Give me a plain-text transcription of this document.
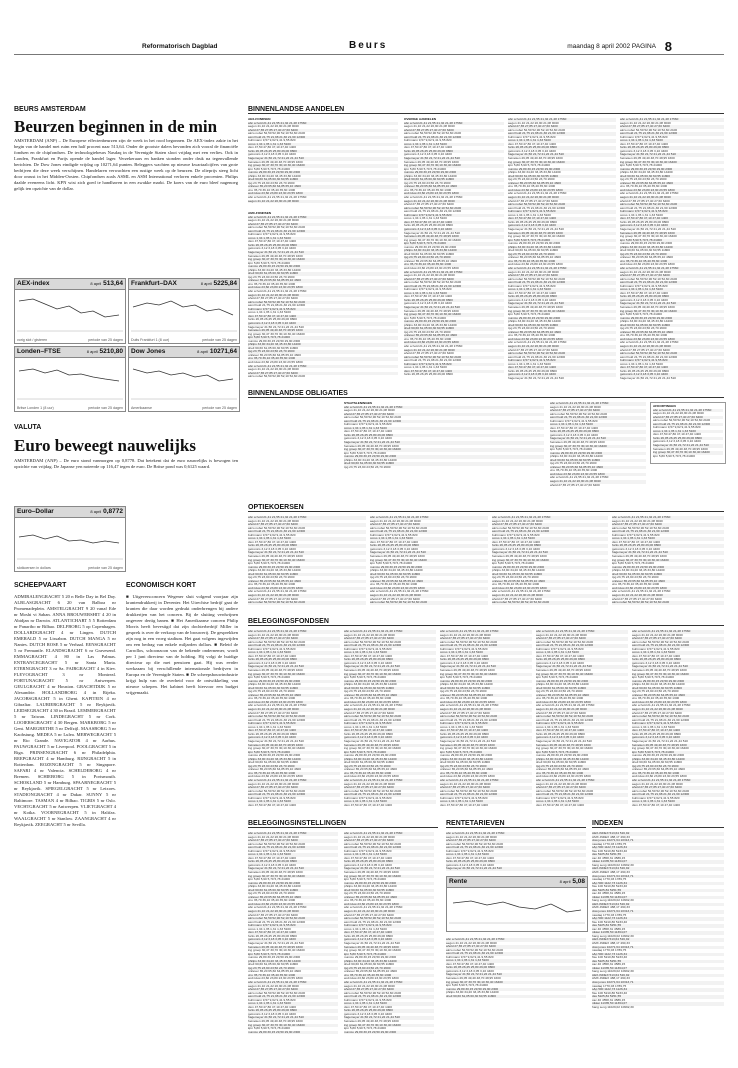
Reformatorisch Dagblad	Beurs	maandag 8 april 2002 PAGINA 8
BEURS AMSTERDAM
Beurzen beginnen in de min
AMSTERDAM (ANP) – De Europese effectenbeurzen zijn de week in het rood begonnen. De AEX-index zakte in het begin van de handel met ruim een half procent naar 513,64. Onder de grootste dalers bevonden zich vooral de financiële fondsen en de chipfondsen. De technologiebeurs Nasdaq in de Verenigde Staten sloot vrijdag met een verlies. Ook in Londen, Frankfurt en Parijs opende de handel lager. Verzekeraars en banken stonden onder druk na tegenvallende berichten. De Dow Jones eindigde vrijdag op 10271,64 punten. Beleggers wachten op nieuwe kwartaalcijfers van grote bedrijven die deze week verschijnen. Handelaren verwachten een rustige week op de beurzen. De olieprijs steeg licht door onrust in het Midden-Oosten. Chipfondsen zoals ASML en ASM International verloren enkele procenten. Philips daalde eveneens licht. KPN wist zich goed te handhaven in een zwakke markt. De koers van de euro bleef nagenoeg gelijk ten opzichte van de dollar.
AEX-index	8 april 513,64
vorig slot / gisteren	periode van 25 dagen
Frankfurt–DAX	8 april 5225,84
Duits Frankfurt 1 (8 uur)	periode van 25 dagen
Londen–FTSE	8 april 5210,80
Britse Londen 1 (8 uur)	periode van 25 dagen
Dow Jones	8 april 10271,64
Amerikaanse	periode van 25 dagen
VALUTA
Euro beweegt nauwelijks
AMSTERDAM (ANP) – De euro stond vanmorgen op 0,8778. Dat betekent dat de euro nauwelijks is bewogen ten opzichte van vrijdag. De Japanse yen noteerde op 116,47 tegen de euro. De Britse pond was 0,6125 waard.
Euro–Dollar	8 april 0,8772
slotkoersen in dollars	periode van 25 dagen
SCHEEPVAART
ADMIRALENGRACHT 5 20 n Belle Day in Bel Day. ALBLASGRACHT 6 20 van Balboa nr Promenadeplein. AMSTELGRACHT 9 20 vanaf Ede nr Moshi vi Saban. ANNA BROUWERSHIT 4 20 in Abidjan nr Darwin. ATLANTICHART 5 5 Rotterdam nr Panaribo nr Bilbao. DELFBORG 5 op Copenhagen. DOLLARDGRACHT 4 nr Lingen. DUTCH EMERALD 5 nr Lissabon. DUTCH MANGA 5 nr Nantes. DUTCH ROSE 5 nr Verhaal. EENSGRACHT 5 nr Fremantle. ELANDSGRACHT 6 nr Gravesend. EMMAGRACHT 4 80 in Las Palmas. ENTRANCEGRACHT 5 nr Santa Marta. ETERNGRACHT 3 nr Sa. FAIRGRACHT 4 in Kiev. FLEVOGRACHT 3 nr Montreal. FORTUNAGRACHT 5 nr Antwerpen. GEULGRACHT 4 nr Houston. GRACHTDIJK 5 nr Alexandrie. HOLLANDBORG 4 in Rijeka. JACOBSGRACHT 5 in Ghent. KAPITEIN 4 nr Gibraltar. LAURIERGRACHT 5 nr Reykjavik. LEIDSEGRACHT 4 30 in Brazil. LEMMERGRACHT 5 nr Taiwan. LINDEGRACHT 5 nr Cork. LOOIERSGRACHT 4 30 Bergen. MARKBORG 5 nr Gent. MARGRETHE 5 nr Delfzijl. MAASBORG 5 nr Kaohsiung. MEDEA 5 nr Lulea. MERWEGRACHT 5 nr Rio Grande. NAVIGATOR 4 nr Aarhus. PAUWGRACHT 5 nr Liverpool. POOLGRACHT 5 in Riga. PRINSENGRACHT 6 nr Philadelphia. REEPGRACHT 4 nr Hamburg. RIJNGRACHT 5 in Rotterdam. ROZENGRACHT 5 nr Singapore. SAFARI 4 nr Valencia. SCHELDEBORG 4 nr Bremen. SCHIEBORG 5 in Portsmouth. SCHOKLAND 5 nr Hamburg. SPAARNEGRACHT 5 nr Reykjavik. SPIEGELGRACHT 5 nr Leixoes. STADIONGRACHT 4 nr Dakar. SUNNY 5 nr Baltimore. TASMAN 4 nr Bilbao. TIGRIS 5 nr Oslo. VECHTGRACHT 5 nr Antwerpen. VLIETGRACHT 4 nr Kotka. VOORNEGRACHT 5 in Halifax. WAALGRACHT 5 nr Stanlow. ZAANGRACHT 4 nr Reykjavik. ZEEGRACHT 5 nr Sevilla.
ECONOMISCH KORT
■ Uitgeversconcern Wegener sluit volgend voorjaar zijn krantendrukkerij in Deventer. Het Utrechtse bedrijf gaat de kranten die daar worden gedrukt onderbrengen bij andere drukkerijen van het concern. Bij de sluiting verdwijnen ongeveer dertig banen. ■ Het Amerikaanse concern Philip Morris heeft bevestigd dat zijn dochterbedrijf Miller in gesprek is over de verkoop van de brouwerij. De gesprekken zijn nog in een vroeg stadium. Het gaat volgens ingewijden om een bedrag van enkele miljarden dollars. ■ Beleid de Carrollos, schoonzoon van de bekende ondernemer, wordt per 1 juni directeur van de holding. Hij volgt de huidige directeur op die met pensioen gaat. Hij was eerder werkzaam bij verschillende internationale bedrijven in Europa en de Verenigde Staten. ■ De scheepsbouwindustrie krijgt hulp van de overheid voor de ontwikkeling van nieuwe schepen. Het kabinet heeft hiervoor een budget vrijgemaakt.
BINNENLANDSE AANDELEN
AEX-FONDSEN
abn a hold 21,41 21,55 21,32 21,48 17560
aegon 21,10 21,22 20,90 21,08 9040
ahold 27,65 27,85 27,40 27,60 6400
akzo nobel 52,50 52,90 52,10 52,60 2100
asml hold 21,75 21,98 21,30 21,60 12300
buhrmann 9,57 9,62 9,41 9,55 820
corus 1,34 1,35 1,31 1,33 5100
dsm 47,50 47,80 47,10 47,40 1400
fortis 26,05 26,25 25,80 26,00 8800
getronics 3,12 3,18 3,05 3,10 4400
hagemeyer 21,50 21,72 21,22 21,44 510
heineken 49,05 49,40 48,70 48,95 1600
ing groep 30,47 30,70 30,10 30,40 16400
kpn 5,80 5,90 5,70 5,78 21000
numico 29,80 30,15 29,50 29,90 2300
philips 33,90 34,20 33,45 33,80 14200
shell 60,60 61,05 60,30 60,55 11800
tpg 23,75 23,90 23,50 23,70 2600
unilever 65,20 65,60 64,85 65,10 4600
vnu 35,70 36,10 35,40 35,60 1300
wolt kluw 23,60 23,80 23,30 23,55 1800
abn a hold 21,41 21,55 21,32 21,48 17560
aegon 21,10 21,22 20,90 21,08 9040
AMX-FONDSEN
abn a hold 21,41 21,55 21,32 21,48 17560
aegon 21,10 21,22 20,90 21,08 9040
ahold 27,65 27,85 27,40 27,60 6400
akzo nobel 52,50 52,90 52,10 52,60 2100
asml hold 21,75 21,98 21,30 21,60 12300
buhrmann 9,57 9,62 9,41 9,55 820
corus 1,34 1,35 1,31 1,33 5100
dsm 47,50 47,80 47,10 47,40 1400
fortis 26,05 26,25 25,80 26,00 8800
getronics 3,12 3,18 3,05 3,10 4400
hagemeyer 21,50 21,72 21,22 21,44 510
heineken 49,05 49,40 48,70 48,95 1600
ing groep 30,47 30,70 30,10 30,40 16400
kpn 5,80 5,90 5,70 5,78 21000
numico 29,80 30,15 29,50 29,90 2300
philips 33,90 34,20 33,45 33,80 14200
shell 60,60 61,05 60,30 60,55 11800
tpg 23,75 23,90 23,50 23,70 2600
unilever 65,20 65,60 64,85 65,10 4600
vnu 35,70 36,10 35,40 35,60 1300
wolt kluw 23,60 23,80 23,30 23,55 1800
abn a hold 21,41 21,55 21,32 21,48 17560
aegon 21,10 21,22 20,90 21,08 9040
ahold 27,65 27,85 27,40 27,60 6400
akzo nobel 52,50 52,90 52,10 52,60 2100
asml hold 21,75 21,98 21,30 21,60 12300
buhrmann 9,57 9,62 9,41 9,55 820
corus 1,34 1,35 1,31 1,33 5100
dsm 47,50 47,80 47,10 47,40 1400
fortis 26,05 26,25 25,80 26,00 8800
getronics 3,12 3,18 3,05 3,10 4400
hagemeyer 21,50 21,72 21,22 21,44 510
heineken 49,05 49,40 48,70 48,95 1600
ing groep 30,47 30,70 30,10 30,40 16400
kpn 5,80 5,90 5,70 5,78 21000
numico 29,80 30,15 29,50 29,90 2300
philips 33,90 34,20 33,45 33,80 14200
shell 60,60 61,05 60,30 60,55 11800
tpg 23,75 23,90 23,50 23,70 2600
unilever 65,20 65,60 64,85 65,10 4600
vnu 35,70 36,10 35,40 35,60 1300
wolt kluw 23,60 23,80 23,30 23,55 1800
abn a hold 21,41 21,55 21,32 21,48 17560
aegon 21,10 21,22 20,90 21,08 9040
ahold 27,65 27,85 27,40 27,60 6400
akzo nobel 52,50 52,90 52,10 52,60 2100
OVERIGE AANDELEN
abn a hold 21,41 21,55 21,32 21,48 17560
aegon 21,10 21,22 20,90 21,08 9040
ahold 27,65 27,85 27,40 27,60 6400
akzo nobel 52,50 52,90 52,10 52,60 2100
asml hold 21,75 21,98 21,30 21,60 12300
buhrmann 9,57 9,62 9,41 9,55 820
corus 1,34 1,35 1,31 1,33 5100
dsm 47,50 47,80 47,10 47,40 1400
fortis 26,05 26,25 25,80 26,00 8800
getronics 3,12 3,18 3,05 3,10 4400
hagemeyer 21,50 21,72 21,22 21,44 510
heineken 49,05 49,40 48,70 48,95 1600
ing groep 30,47 30,70 30,10 30,40 16400
kpn 5,80 5,90 5,70 5,78 21000
numico 29,80 30,15 29,50 29,90 2300
philips 33,90 34,20 33,45 33,80 14200
shell 60,60 61,05 60,30 60,55 11800
tpg 23,75 23,90 23,50 23,70 2600
unilever 65,20 65,60 64,85 65,10 4600
vnu 35,70 36,10 35,40 35,60 1300
wolt kluw 23,60 23,80 23,30 23,55 1800
abn a hold 21,41 21,55 21,32 21,48 17560
aegon 21,10 21,22 20,90 21,08 9040
ahold 27,65 27,85 27,40 27,60 6400
akzo nobel 52,50 52,90 52,10 52,60 2100
asml hold 21,75 21,98 21,30 21,60 12300
buhrmann 9,57 9,62 9,41 9,55 820
corus 1,34 1,35 1,31 1,33 5100
dsm 47,50 47,80 47,10 47,40 1400
fortis 26,05 26,25 25,80 26,00 8800
getronics 3,12 3,18 3,05 3,10 4400
hagemeyer 21,50 21,72 21,22 21,44 510
heineken 49,05 49,40 48,70 48,95 1600
ing groep 30,47 30,70 30,10 30,40 16400
kpn 5,80 5,90 5,70 5,78 21000
numico 29,80 30,15 29,50 29,90 2300
philips 33,90 34,20 33,45 33,80 14200
shell 60,60 61,05 60,30 60,55 11800
tpg 23,75 23,90 23,50 23,70 2600
unilever 65,20 65,60 64,85 65,10 4600
vnu 35,70 36,10 35,40 35,60 1300
wolt kluw 23,60 23,80 23,30 23,55 1800
abn a hold 21,41 21,55 21,32 21,48 17560
aegon 21,10 21,22 20,90 21,08 9040
ahold 27,65 27,85 27,40 27,60 6400
akzo nobel 52,50 52,90 52,10 52,60 2100
asml hold 21,75 21,98 21,30 21,60 12300
buhrmann 9,57 9,62 9,41 9,55 820
corus 1,34 1,35 1,31 1,33 5100
dsm 47,50 47,80 47,10 47,40 1400
fortis 26,05 26,25 25,80 26,00 8800
getronics 3,12 3,18 3,05 3,10 4400
hagemeyer 21,50 21,72 21,22 21,44 510
heineken 49,05 49,40 48,70 48,95 1600
ing groep 30,47 30,70 30,10 30,40 16400
kpn 5,80 5,90 5,70 5,78 21000
numico 29,80 30,15 29,50 29,90 2300
philips 33,90 34,20 33,45 33,80 14200
shell 60,60 61,05 60,30 60,55 11800
tpg 23,75 23,90 23,50 23,70 2600
unilever 65,20 65,60 64,85 65,10 4600
vnu 35,70 36,10 35,40 35,60 1300
wolt kluw 23,60 23,80 23,30 23,55 1800
abn a hold 21,41 21,55 21,32 21,48 17560
aegon 21,10 21,22 20,90 21,08 9040
ahold 27,65 27,85 27,40 27,60 6400
akzo nobel 52,50 52,90 52,10 52,60 2100
asml hold 21,75 21,98 21,30 21,60 12300
buhrmann 9,57 9,62 9,41 9,55 820
corus 1,34 1,35 1,31 1,33 5100
dsm 47,50 47,80 47,10 47,40 1400
fortis 26,05 26,25 25,80 26,00 8800
abn a hold 21,41 21,55 21,32 21,48 17560
aegon 21,10 21,22 20,90 21,08 9040
ahold 27,65 27,85 27,40 27,60 6400
akzo nobel 52,50 52,90 52,10 52,60 2100
asml hold 21,75 21,98 21,30 21,60 12300
buhrmann 9,57 9,62 9,41 9,55 820
corus 1,34 1,35 1,31 1,33 5100
dsm 47,50 47,80 47,10 47,40 1400
fortis 26,05 26,25 25,80 26,00 8800
getronics 3,12 3,18 3,05 3,10 4400
hagemeyer 21,50 21,72 21,22 21,44 510
heineken 49,05 49,40 48,70 48,95 1600
ing groep 30,47 30,70 30,10 30,40 16400
kpn 5,80 5,90 5,70 5,78 21000
numico 29,80 30,15 29,50 29,90 2300
philips 33,90 34,20 33,45 33,80 14200
shell 60,60 61,05 60,30 60,55 11800
tpg 23,75 23,90 23,50 23,70 2600
unilever 65,20 65,60 64,85 65,10 4600
vnu 35,70 36,10 35,40 35,60 1300
wolt kluw 23,60 23,80 23,30 23,55 1800
abn a hold 21,41 21,55 21,32 21,48 17560
aegon 21,10 21,22 20,90 21,08 9040
ahold 27,65 27,85 27,40 27,60 6400
akzo nobel 52,50 52,90 52,10 52,60 2100
asml hold 21,75 21,98 21,30 21,60 12300
buhrmann 9,57 9,62 9,41 9,55 820
corus 1,34 1,35 1,31 1,33 5100
dsm 47,50 47,80 47,10 47,40 1400
fortis 26,05 26,25 25,80 26,00 8800
getronics 3,12 3,18 3,05 3,10 4400
hagemeyer 21,50 21,72 21,22 21,44 510
heineken 49,05 49,40 48,70 48,95 1600
ing groep 30,47 30,70 30,10 30,40 16400
kpn 5,80 5,90 5,70 5,78 21000
numico 29,80 30,15 29,50 29,90 2300
philips 33,90 34,20 33,45 33,80 14200
shell 60,60 61,05 60,30 60,55 11800
tpg 23,75 23,90 23,50 23,70 2600
unilever 65,20 65,60 64,85 65,10 4600
vnu 35,70 36,10 35,40 35,60 1300
wolt kluw 23,60 23,80 23,30 23,55 1800
abn a hold 21,41 21,55 21,32 21,48 17560
aegon 21,10 21,22 20,90 21,08 9040
ahold 27,65 27,85 27,40 27,60 6400
akzo nobel 52,50 52,90 52,10 52,60 2100
asml hold 21,75 21,98 21,30 21,60 12300
buhrmann 9,57 9,62 9,41 9,55 820
corus 1,34 1,35 1,31 1,33 5100
dsm 47,50 47,80 47,10 47,40 1400
fortis 26,05 26,25 25,80 26,00 8800
getronics 3,12 3,18 3,05 3,10 4400
hagemeyer 21,50 21,72 21,22 21,44 510
heineken 49,05 49,40 48,70 48,95 1600
ing groep 30,47 30,70 30,10 30,40 16400
kpn 5,80 5,90 5,70 5,78 21000
numico 29,80 30,15 29,50 29,90 2300
philips 33,90 34,20 33,45 33,80 14200
shell 60,60 61,05 60,30 60,55 11800
tpg 23,75 23,90 23,50 23,70 2600
unilever 65,20 65,60 64,85 65,10 4600
vnu 35,70 36,10 35,40 35,60 1300
wolt kluw 23,60 23,80 23,30 23,55 1800
abn a hold 21,41 21,55 21,32 21,48 17560
aegon 21,10 21,22 20,90 21,08 9040
ahold 27,65 27,85 27,40 27,60 6400
akzo nobel 52,50 52,90 52,10 52,60 2100
asml hold 21,75 21,98 21,30 21,60 12300
buhrmann 9,57 9,62 9,41 9,55 820
corus 1,34 1,35 1,31 1,33 5100
dsm 47,50 47,80 47,10 47,40 1400
fortis 26,05 26,25 25,80 26,00 8800
getronics 3,12 3,18 3,05 3,10 4400
hagemeyer 21,50 21,72 21,22 21,44 510
abn a hold 21,41 21,55 21,32 21,48 17560
aegon 21,10 21,22 20,90 21,08 9040
ahold 27,65 27,85 27,40 27,60 6400
akzo nobel 52,50 52,90 52,10 52,60 2100
asml hold 21,75 21,98 21,30 21,60 12300
buhrmann 9,57 9,62 9,41 9,55 820
corus 1,34 1,35 1,31 1,33 5100
dsm 47,50 47,80 47,10 47,40 1400
fortis 26,05 26,25 25,80 26,00 8800
getronics 3,12 3,18 3,05 3,10 4400
hagemeyer 21,50 21,72 21,22 21,44 510
heineken 49,05 49,40 48,70 48,95 1600
ing groep 30,47 30,70 30,10 30,40 16400
kpn 5,80 5,90 5,70 5,78 21000
numico 29,80 30,15 29,50 29,90 2300
philips 33,90 34,20 33,45 33,80 14200
shell 60,60 61,05 60,30 60,55 11800
tpg 23,75 23,90 23,50 23,70 2600
unilever 65,20 65,60 64,85 65,10 4600
vnu 35,70 36,10 35,40 35,60 1300
wolt kluw 23,60 23,80 23,30 23,55 1800
abn a hold 21,41 21,55 21,32 21,48 17560
aegon 21,10 21,22 20,90 21,08 9040
ahold 27,65 27,85 27,40 27,60 6400
akzo nobel 52,50 52,90 52,10 52,60 2100
asml hold 21,75 21,98 21,30 21,60 12300
buhrmann 9,57 9,62 9,41 9,55 820
corus 1,34 1,35 1,31 1,33 5100
dsm 47,50 47,80 47,10 47,40 1400
fortis 26,05 26,25 25,80 26,00 8800
getronics 3,12 3,18 3,05 3,10 4400
hagemeyer 21,50 21,72 21,22 21,44 510
heineken 49,05 49,40 48,70 48,95 1600
ing groep 30,47 30,70 30,10 30,40 16400
kpn 5,80 5,90 5,70 5,78 21000
numico 29,80 30,15 29,50 29,90 2300
philips 33,90 34,20 33,45 33,80 14200
shell 60,60 61,05 60,30 60,55 11800
tpg 23,75 23,90 23,50 23,70 2600
unilever 65,20 65,60 64,85 65,10 4600
vnu 35,70 36,10 35,40 35,60 1300
wolt kluw 23,60 23,80 23,30 23,55 1800
abn a hold 21,41 21,55 21,32 21,48 17560
aegon 21,10 21,22 20,90 21,08 9040
ahold 27,65 27,85 27,40 27,60 6400
akzo nobel 52,50 52,90 52,10 52,60 2100
asml hold 21,75 21,98 21,30 21,60 12300
buhrmann 9,57 9,62 9,41 9,55 820
corus 1,34 1,35 1,31 1,33 5100
dsm 47,50 47,80 47,10 47,40 1400
fortis 26,05 26,25 25,80 26,00 8800
getronics 3,12 3,18 3,05 3,10 4400
hagemeyer 21,50 21,72 21,22 21,44 510
heineken 49,05 49,40 48,70 48,95 1600
ing groep 30,47 30,70 30,10 30,40 16400
kpn 5,80 5,90 5,70 5,78 21000
numico 29,80 30,15 29,50 29,90 2300
philips 33,90 34,20 33,45 33,80 14200
shell 60,60 61,05 60,30 60,55 11800
tpg 23,75 23,90 23,50 23,70 2600
unilever 65,20 65,60 64,85 65,10 4600
vnu 35,70 36,10 35,40 35,60 1300
wolt kluw 23,60 23,80 23,30 23,55 1800
abn a hold 21,41 21,55 21,32 21,48 17560
aegon 21,10 21,22 20,90 21,08 9040
ahold 27,65 27,85 27,40 27,60 6400
akzo nobel 52,50 52,90 52,10 52,60 2100
asml hold 21,75 21,98 21,30 21,60 12300
buhrmann 9,57 9,62 9,41 9,55 820
corus 1,34 1,35 1,31 1,33 5100
dsm 47,50 47,80 47,10 47,40 1400
fortis 26,05 26,25 25,80 26,00 8800
getronics 3,12 3,18 3,05 3,10 4400
hagemeyer 21,50 21,72 21,22 21,44 510
BINNENLANDSE OBLIGATIES
STAATSLENINGEN
abn a hold 21,41 21,55 21,32 21,48 17560
aegon 21,10 21,22 20,90 21,08 9040
ahold 27,65 27,85 27,40 27,60 6400
akzo nobel 52,50 52,90 52,10 52,60 2100
asml hold 21,75 21,98 21,30 21,60 12300
buhrmann 9,57 9,62 9,41 9,55 820
corus 1,34 1,35 1,31 1,33 5100
dsm 47,50 47,80 47,10 47,40 1400
fortis 26,05 26,25 25,80 26,00 8800
getronics 3,12 3,18 3,05 3,10 4400
hagemeyer 21,50 21,72 21,22 21,44 510
heineken 49,05 49,40 48,70 48,95 1600
ing groep 30,47 30,70 30,10 30,40 16400
kpn 5,80 5,90 5,70 5,78 21000
numico 29,80 30,15 29,50 29,90 2300
philips 33,90 34,20 33,45 33,80 14200
shell 60,60 61,05 60,30 60,55 11800
tpg 23,75 23,90 23,50 23,70 2600
abn a hold 21,41 21,55 21,32 21,48 17560
aegon 21,10 21,22 20,90 21,08 9040
ahold 27,65 27,85 27,40 27,60 6400
akzo nobel 52,50 52,90 52,10 52,60 2100
asml hold 21,75 21,98 21,30 21,60 12300
buhrmann 9,57 9,62 9,41 9,55 820
corus 1,34 1,35 1,31 1,33 5100
dsm 47,50 47,80 47,10 47,40 1400
fortis 26,05 26,25 25,80 26,00 8800
getronics 3,12 3,18 3,05 3,10 4400
hagemeyer 21,50 21,72 21,22 21,44 510
heineken 49,05 49,40 48,70 48,95 1600
ing groep 30,47 30,70 30,10 30,40 16400
kpn 5,80 5,90 5,70 5,78 21000
numico 29,80 30,15 29,50 29,90 2300
philips 33,90 34,20 33,45 33,80 14200
shell 60,60 61,05 60,30 60,55 11800
tpg 23,75 23,90 23,50 23,70 2600
unilever 65,20 65,60 64,85 65,10 4600
vnu 35,70 36,10 35,40 35,60 1300
wolt kluw 23,60 23,80 23,30 23,55 1800
abn a hold 21,41 21,55 21,32 21,48 17560
aegon 21,10 21,22 20,90 21,08 9040
ahold 27,65 27,85 27,40 27,60 6400
AFKORTINGEN
abn a hold 21,41 21,55 21,32 21,48 17560
aegon 21,10 21,22 20,90 21,08 9040
ahold 27,65 27,85 27,40 27,60 6400
akzo nobel 52,50 52,90 52,10 52,60 2100
asml hold 21,75 21,98 21,30 21,60 12300
buhrmann 9,57 9,62 9,41 9,55 820
corus 1,34 1,35 1,31 1,33 5100
dsm 47,50 47,80 47,10 47,40 1400
fortis 26,05 26,25 25,80 26,00 8800
getronics 3,12 3,18 3,05 3,10 4400
hagemeyer 21,50 21,72 21,22 21,44 510
heineken 49,05 49,40 48,70 48,95 1600
ing groep 30,47 30,70 30,10 30,40 16400
kpn 5,80 5,90 5,70 5,78 21000
OPTIEKOERSEN
abn a hold 21,41 21,55 21,32 21,48 17560
aegon 21,10 21,22 20,90 21,08 9040
ahold 27,65 27,85 27,40 27,60 6400
akzo nobel 52,50 52,90 52,10 52,60 2100
asml hold 21,75 21,98 21,30 21,60 12300
buhrmann 9,57 9,62 9,41 9,55 820
corus 1,34 1,35 1,31 1,33 5100
dsm 47,50 47,80 47,10 47,40 1400
fortis 26,05 26,25 25,80 26,00 8800
getronics 3,12 3,18 3,05 3,10 4400
hagemeyer 21,50 21,72 21,22 21,44 510
heineken 49,05 49,40 48,70 48,95 1600
ing groep 30,47 30,70 30,10 30,40 16400
kpn 5,80 5,90 5,70 5,78 21000
numico 29,80 30,15 29,50 29,90 2300
philips 33,90 34,20 33,45 33,80 14200
shell 60,60 61,05 60,30 60,55 11800
tpg 23,75 23,90 23,50 23,70 2600
unilever 65,20 65,60 64,85 65,10 4600
vnu 35,70 36,10 35,40 35,60 1300
wolt kluw 23,60 23,80 23,30 23,55 1800
abn a hold 21,41 21,55 21,32 21,48 17560
aegon 21,10 21,22 20,90 21,08 9040
ahold 27,65 27,85 27,40 27,60 6400
akzo nobel 52,50 52,90 52,10 52,60 2100
abn a hold 21,41 21,55 21,32 21,48 17560
aegon 21,10 21,22 20,90 21,08 9040
ahold 27,65 27,85 27,40 27,60 6400
akzo nobel 52,50 52,90 52,10 52,60 2100
asml hold 21,75 21,98 21,30 21,60 12300
buhrmann 9,57 9,62 9,41 9,55 820
corus 1,34 1,35 1,31 1,33 5100
dsm 47,50 47,80 47,10 47,40 1400
fortis 26,05 26,25 25,80 26,00 8800
getronics 3,12 3,18 3,05 3,10 4400
hagemeyer 21,50 21,72 21,22 21,44 510
heineken 49,05 49,40 48,70 48,95 1600
ing groep 30,47 30,70 30,10 30,40 16400
kpn 5,80 5,90 5,70 5,78 21000
numico 29,80 30,15 29,50 29,90 2300
philips 33,90 34,20 33,45 33,80 14200
shell 60,60 61,05 60,30 60,55 11800
tpg 23,75 23,90 23,50 23,70 2600
unilever 65,20 65,60 64,85 65,10 4600
vnu 35,70 36,10 35,40 35,60 1300
wolt kluw 23,60 23,80 23,30 23,55 1800
abn a hold 21,41 21,55 21,32 21,48 17560
aegon 21,10 21,22 20,90 21,08 9040
ahold 27,65 27,85 27,40 27,60 6400
akzo nobel 52,50 52,90 52,10 52,60 2100
abn a hold 21,41 21,55 21,32 21,48 17560
aegon 21,10 21,22 20,90 21,08 9040
ahold 27,65 27,85 27,40 27,60 6400
akzo nobel 52,50 52,90 52,10 52,60 2100
asml hold 21,75 21,98 21,30 21,60 12300
buhrmann 9,57 9,62 9,41 9,55 820
corus 1,34 1,35 1,31 1,33 5100
dsm 47,50 47,80 47,10 47,40 1400
fortis 26,05 26,25 25,80 26,00 8800
getronics 3,12 3,18 3,05 3,10 4400
hagemeyer 21,50 21,72 21,22 21,44 510
heineken 49,05 49,40 48,70 48,95 1600
ing groep 30,47 30,70 30,10 30,40 16400
kpn 5,80 5,90 5,70 5,78 21000
numico 29,80 30,15 29,50 29,90 2300
philips 33,90 34,20 33,45 33,80 14200
shell 60,60 61,05 60,30 60,55 11800
tpg 23,75 23,90 23,50 23,70 2600
unilever 65,20 65,60 64,85 65,10 4600
vnu 35,70 36,10 35,40 35,60 1300
wolt kluw 23,60 23,80 23,30 23,55 1800
abn a hold 21,41 21,55 21,32 21,48 17560
aegon 21,10 21,22 20,90 21,08 9040
ahold 27,65 27,85 27,40 27,60 6400
akzo nobel 52,50 52,90 52,10 52,60 2100
abn a hold 21,41 21,55 21,32 21,48 17560
aegon 21,10 21,22 20,90 21,08 9040
ahold 27,65 27,85 27,40 27,60 6400
akzo nobel 52,50 52,90 52,10 52,60 2100
asml hold 21,75 21,98 21,30 21,60 12300
buhrmann 9,57 9,62 9,41 9,55 820
corus 1,34 1,35 1,31 1,33 5100
dsm 47,50 47,80 47,10 47,40 1400
fortis 26,05 26,25 25,80 26,00 8800
getronics 3,12 3,18 3,05 3,10 4400
hagemeyer 21,50 21,72 21,22 21,44 510
heineken 49,05 49,40 48,70 48,95 1600
ing groep 30,47 30,70 30,10 30,40 16400
kpn 5,80 5,90 5,70 5,78 21000
numico 29,80 30,15 29,50 29,90 2300
philips 33,90 34,20 33,45 33,80 14200
shell 60,60 61,05 60,30 60,55 11800
tpg 23,75 23,90 23,50 23,70 2600
unilever 65,20 65,60 64,85 65,10 4600
vnu 35,70 36,10 35,40 35,60 1300
wolt kluw 23,60 23,80 23,30 23,55 1800
abn a hold 21,41 21,55 21,32 21,48 17560
aegon 21,10 21,22 20,90 21,08 9040
ahold 27,65 27,85 27,40 27,60 6400
akzo nobel 52,50 52,90 52,10 52,60 2100
BELEGGINGSFONDSEN
abn a hold 21,41 21,55 21,32 21,48 17560
aegon 21,10 21,22 20,90 21,08 9040
ahold 27,65 27,85 27,40 27,60 6400
akzo nobel 52,50 52,90 52,10 52,60 2100
asml hold 21,75 21,98 21,30 21,60 12300
buhrmann 9,57 9,62 9,41 9,55 820
corus 1,34 1,35 1,31 1,33 5100
dsm 47,50 47,80 47,10 47,40 1400
fortis 26,05 26,25 25,80 26,00 8800
getronics 3,12 3,18 3,05 3,10 4400
hagemeyer 21,50 21,72 21,22 21,44 510
heineken 49,05 49,40 48,70 48,95 1600
ing groep 30,47 30,70 30,10 30,40 16400
kpn 5,80 5,90 5,70 5,78 21000
numico 29,80 30,15 29,50 29,90 2300
philips 33,90 34,20 33,45 33,80 14200
shell 60,60 61,05 60,30 60,55 11800
tpg 23,75 23,90 23,50 23,70 2600
unilever 65,20 65,60 64,85 65,10 4600
vnu 35,70 36,10 35,40 35,60 1300
wolt kluw 23,60 23,80 23,30 23,55 1800
abn a hold 21,41 21,55 21,32 21,48 17560
aegon 21,10 21,22 20,90 21,08 9040
ahold 27,65 27,85 27,40 27,60 6400
akzo nobel 52,50 52,90 52,10 52,60 2100
asml hold 21,75 21,98 21,30 21,60 12300
buhrmann 9,57 9,62 9,41 9,55 820
corus 1,34 1,35 1,31 1,33 5100
dsm 47,50 47,80 47,10 47,40 1400
fortis 26,05 26,25 25,80 26,00 8800
getronics 3,12 3,18 3,05 3,10 4400
hagemeyer 21,50 21,72 21,22 21,44 510
heineken 49,05 49,40 48,70 48,95 1600
ing groep 30,47 30,70 30,10 30,40 16400
kpn 5,80 5,90 5,70 5,78 21000
numico 29,80 30,15 29,50 29,90 2300
philips 33,90 34,20 33,45 33,80 14200
shell 60,60 61,05 60,30 60,55 11800
tpg 23,75 23,90 23,50 23,70 2600
unilever 65,20 65,60 64,85 65,10 4600
vnu 35,70 36,10 35,40 35,60 1300
wolt kluw 23,60 23,80 23,30 23,55 1800
abn a hold 21,41 21,55 21,32 21,48 17560
aegon 21,10 21,22 20,90 21,08 9040
ahold 27,65 27,85 27,40 27,60 6400
akzo nobel 52,50 52,90 52,10 52,60 2100
asml hold 21,75 21,98 21,30 21,60 12300
buhrmann 9,57 9,62 9,41 9,55 820
corus 1,34 1,35 1,31 1,33 5100
dsm 47,50 47,80 47,10 47,40 1400
abn a hold 21,41 21,55 21,32 21,48 17560
aegon 21,10 21,22 20,90 21,08 9040
ahold 27,65 27,85 27,40 27,60 6400
akzo nobel 52,50 52,90 52,10 52,60 2100
asml hold 21,75 21,98 21,30 21,60 12300
buhrmann 9,57 9,62 9,41 9,55 820
corus 1,34 1,35 1,31 1,33 5100
dsm 47,50 47,80 47,10 47,40 1400
fortis 26,05 26,25 25,80 26,00 8800
getronics 3,12 3,18 3,05 3,10 4400
hagemeyer 21,50 21,72 21,22 21,44 510
heineken 49,05 49,40 48,70 48,95 1600
ing groep 30,47 30,70 30,10 30,40 16400
kpn 5,80 5,90 5,70 5,78 21000
numico 29,80 30,15 29,50 29,90 2300
philips 33,90 34,20 33,45 33,80 14200
shell 60,60 61,05 60,30 60,55 11800
tpg 23,75 23,90 23,50 23,70 2600
unilever 65,20 65,60 64,85 65,10 4600
vnu 35,70 36,10 35,40 35,60 1300
wolt kluw 23,60 23,80 23,30 23,55 1800
abn a hold 21,41 21,55 21,32 21,48 17560
aegon 21,10 21,22 20,90 21,08 9040
ahold 27,65 27,85 27,40 27,60 6400
akzo nobel 52,50 52,90 52,10 52,60 2100
asml hold 21,75 21,98 21,30 21,60 12300
buhrmann 9,57 9,62 9,41 9,55 820
corus 1,34 1,35 1,31 1,33 5100
dsm 47,50 47,80 47,10 47,40 1400
fortis 26,05 26,25 25,80 26,00 8800
getronics 3,12 3,18 3,05 3,10 4400
hagemeyer 21,50 21,72 21,22 21,44 510
heineken 49,05 49,40 48,70 48,95 1600
ing groep 30,47 30,70 30,10 30,40 16400
kpn 5,80 5,90 5,70 5,78 21000
numico 29,80 30,15 29,50 29,90 2300
philips 33,90 34,20 33,45 33,80 14200
shell 60,60 61,05 60,30 60,55 11800
tpg 23,75 23,90 23,50 23,70 2600
unilever 65,20 65,60 64,85 65,10 4600
vnu 35,70 36,10 35,40 35,60 1300
wolt kluw 23,60 23,80 23,30 23,55 1800
abn a hold 21,41 21,55 21,32 21,48 17560
aegon 21,10 21,22 20,90 21,08 9040
ahold 27,65 27,85 27,40 27,60 6400
akzo nobel 52,50 52,90 52,10 52,60 2100
asml hold 21,75 21,98 21,30 21,60 12300
buhrmann 9,57 9,62 9,41 9,55 820
corus 1,34 1,35 1,31 1,33 5100
dsm 47,50 47,80 47,10 47,40 1400
abn a hold 21,41 21,55 21,32 21,48 17560
aegon 21,10 21,22 20,90 21,08 9040
ahold 27,65 27,85 27,40 27,60 6400
akzo nobel 52,50 52,90 52,10 52,60 2100
asml hold 21,75 21,98 21,30 21,60 12300
buhrmann 9,57 9,62 9,41 9,55 820
corus 1,34 1,35 1,31 1,33 5100
dsm 47,50 47,80 47,10 47,40 1400
fortis 26,05 26,25 25,80 26,00 8800
getronics 3,12 3,18 3,05 3,10 4400
hagemeyer 21,50 21,72 21,22 21,44 510
heineken 49,05 49,40 48,70 48,95 1600
ing groep 30,47 30,70 30,10 30,40 16400
kpn 5,80 5,90 5,70 5,78 21000
numico 29,80 30,15 29,50 29,90 2300
philips 33,90 34,20 33,45 33,80 14200
shell 60,60 61,05 60,30 60,55 11800
tpg 23,75 23,90 23,50 23,70 2600
unilever 65,20 65,60 64,85 65,10 4600
vnu 35,70 36,10 35,40 35,60 1300
wolt kluw 23,60 23,80 23,30 23,55 1800
abn a hold 21,41 21,55 21,32 21,48 17560
aegon 21,10 21,22 20,90 21,08 9040
ahold 27,65 27,85 27,40 27,60 6400
akzo nobel 52,50 52,90 52,10 52,60 2100
asml hold 21,75 21,98 21,30 21,60 12300
buhrmann 9,57 9,62 9,41 9,55 820
corus 1,34 1,35 1,31 1,33 5100
dsm 47,50 47,80 47,10 47,40 1400
fortis 26,05 26,25 25,80 26,00 8800
getronics 3,12 3,18 3,05 3,10 4400
hagemeyer 21,50 21,72 21,22 21,44 510
heineken 49,05 49,40 48,70 48,95 1600
ing groep 30,47 30,70 30,10 30,40 16400
kpn 5,80 5,90 5,70 5,78 21000
numico 29,80 30,15 29,50 29,90 2300
philips 33,90 34,20 33,45 33,80 14200
shell 60,60 61,05 60,30 60,55 11800
tpg 23,75 23,90 23,50 23,70 2600
unilever 65,20 65,60 64,85 65,10 4600
vnu 35,70 36,10 35,40 35,60 1300
wolt kluw 23,60 23,80 23,30 23,55 1800
abn a hold 21,41 21,55 21,32 21,48 17560
aegon 21,10 21,22 20,90 21,08 9040
ahold 27,65 27,85 27,40 27,60 6400
akzo nobel 52,50 52,90 52,10 52,60 2100
asml hold 21,75 21,98 21,30 21,60 12300
buhrmann 9,57 9,62 9,41 9,55 820
corus 1,34 1,35 1,31 1,33 5100
dsm 47,50 47,80 47,10 47,40 1400
abn a hold 21,41 21,55 21,32 21,48 17560
aegon 21,10 21,22 20,90 21,08 9040
ahold 27,65 27,85 27,40 27,60 6400
akzo nobel 52,50 52,90 52,10 52,60 2100
asml hold 21,75 21,98 21,30 21,60 12300
buhrmann 9,57 9,62 9,41 9,55 820
corus 1,34 1,35 1,31 1,33 5100
dsm 47,50 47,80 47,10 47,40 1400
fortis 26,05 26,25 25,80 26,00 8800
getronics 3,12 3,18 3,05 3,10 4400
hagemeyer 21,50 21,72 21,22 21,44 510
heineken 49,05 49,40 48,70 48,95 1600
ing groep 30,47 30,70 30,10 30,40 16400
kpn 5,80 5,90 5,70 5,78 21000
numico 29,80 30,15 29,50 29,90 2300
philips 33,90 34,20 33,45 33,80 14200
shell 60,60 61,05 60,30 60,55 11800
tpg 23,75 23,90 23,50 23,70 2600
unilever 65,20 65,60 64,85 65,10 4600
vnu 35,70 36,10 35,40 35,60 1300
wolt kluw 23,60 23,80 23,30 23,55 1800
abn a hold 21,41 21,55 21,32 21,48 17560
aegon 21,10 21,22 20,90 21,08 9040
ahold 27,65 27,85 27,40 27,60 6400
akzo nobel 52,50 52,90 52,10 52,60 2100
asml hold 21,75 21,98 21,30 21,60 12300
buhrmann 9,57 9,62 9,41 9,55 820
corus 1,34 1,35 1,31 1,33 5100
dsm 47,50 47,80 47,10 47,40 1400
fortis 26,05 26,25 25,80 26,00 8800
getronics 3,12 3,18 3,05 3,10 4400
hagemeyer 21,50 21,72 21,22 21,44 510
heineken 49,05 49,40 48,70 48,95 1600
ing groep 30,47 30,70 30,10 30,40 16400
kpn 5,80 5,90 5,70 5,78 21000
numico 29,80 30,15 29,50 29,90 2300
philips 33,90 34,20 33,45 33,80 14200
shell 60,60 61,05 60,30 60,55 11800
tpg 23,75 23,90 23,50 23,70 2600
unilever 65,20 65,60 64,85 65,10 4600
vnu 35,70 36,10 35,40 35,60 1300
wolt kluw 23,60 23,80 23,30 23,55 1800
abn a hold 21,41 21,55 21,32 21,48 17560
aegon 21,10 21,22 20,90 21,08 9040
ahold 27,65 27,85 27,40 27,60 6400
akzo nobel 52,50 52,90 52,10 52,60 2100
asml hold 21,75 21,98 21,30 21,60 12300
buhrmann 9,57 9,62 9,41 9,55 820
corus 1,34 1,35 1,31 1,33 5100
dsm 47,50 47,80 47,10 47,40 1400
abn a hold 21,41 21,55 21,32 21,48 17560
aegon 21,10 21,22 20,90 21,08 9040
ahold 27,65 27,85 27,40 27,60 6400
akzo nobel 52,50 52,90 52,10 52,60 2100
asml hold 21,75 21,98 21,30 21,60 12300
buhrmann 9,57 9,62 9,41 9,55 820
corus 1,34 1,35 1,31 1,33 5100
dsm 47,50 47,80 47,10 47,40 1400
fortis 26,05 26,25 25,80 26,00 8800
getronics 3,12 3,18 3,05 3,10 4400
hagemeyer 21,50 21,72 21,22 21,44 510
heineken 49,05 49,40 48,70 48,95 1600
ing groep 30,47 30,70 30,10 30,40 16400
kpn 5,80 5,90 5,70 5,78 21000
numico 29,80 30,15 29,50 29,90 2300
philips 33,90 34,20 33,45 33,80 14200
shell 60,60 61,05 60,30 60,55 11800
tpg 23,75 23,90 23,50 23,70 2600
unilever 65,20 65,60 64,85 65,10 4600
vnu 35,70 36,10 35,40 35,60 1300
wolt kluw 23,60 23,80 23,30 23,55 1800
abn a hold 21,41 21,55 21,32 21,48 17560
aegon 21,10 21,22 20,90 21,08 9040
ahold 27,65 27,85 27,40 27,60 6400
akzo nobel 52,50 52,90 52,10 52,60 2100
asml hold 21,75 21,98 21,30 21,60 12300
buhrmann 9,57 9,62 9,41 9,55 820
corus 1,34 1,35 1,31 1,33 5100
dsm 47,50 47,80 47,10 47,40 1400
fortis 26,05 26,25 25,80 26,00 8800
getronics 3,12 3,18 3,05 3,10 4400
hagemeyer 21,50 21,72 21,22 21,44 510
heineken 49,05 49,40 48,70 48,95 1600
ing groep 30,47 30,70 30,10 30,40 16400
kpn 5,80 5,90 5,70 5,78 21000
numico 29,80 30,15 29,50 29,90 2300
philips 33,90 34,20 33,45 33,80 14200
shell 60,60 61,05 60,30 60,55 11800
tpg 23,75 23,90 23,50 23,70 2600
unilever 65,20 65,60 64,85 65,10 4600
vnu 35,70 36,10 35,40 35,60 1300
wolt kluw 23,60 23,80 23,30 23,55 1800
abn a hold 21,41 21,55 21,32 21,48 17560
aegon 21,10 21,22 20,90 21,08 9040
ahold 27,65 27,85 27,40 27,60 6400
akzo nobel 52,50 52,90 52,10 52,60 2100
asml hold 21,75 21,98 21,30 21,60 12300
buhrmann 9,57 9,62 9,41 9,55 820
corus 1,34 1,35 1,31 1,33 5100
dsm 47,50 47,80 47,10 47,40 1400
BELEGGINGSINSTELLINGEN
abn a hold 21,41 21,55 21,32 21,48 17560
aegon 21,10 21,22 20,90 21,08 9040
ahold 27,65 27,85 27,40 27,60 6400
akzo nobel 52,50 52,90 52,10 52,60 2100
asml hold 21,75 21,98 21,30 21,60 12300
buhrmann 9,57 9,62 9,41 9,55 820
corus 1,34 1,35 1,31 1,33 5100
dsm 47,50 47,80 47,10 47,40 1400
fortis 26,05 26,25 25,80 26,00 8800
getronics 3,12 3,18 3,05 3,10 4400
hagemeyer 21,50 21,72 21,22 21,44 510
heineken 49,05 49,40 48,70 48,95 1600
ing groep 30,47 30,70 30,10 30,40 16400
kpn 5,80 5,90 5,70 5,78 21000
numico 29,80 30,15 29,50 29,90 2300
philips 33,90 34,20 33,45 33,80 14200
shell 60,60 61,05 60,30 60,55 11800
tpg 23,75 23,90 23,50 23,70 2600
unilever 65,20 65,60 64,85 65,10 4600
vnu 35,70 36,10 35,40 35,60 1300
wolt kluw 23,60 23,80 23,30 23,55 1800
abn a hold 21,41 21,55 21,32 21,48 17560
aegon 21,10 21,22 20,90 21,08 9040
ahold 27,65 27,85 27,40 27,60 6400
akzo nobel 52,50 52,90 52,10 52,60 2100
asml hold 21,75 21,98 21,30 21,60 12300
buhrmann 9,57 9,62 9,41 9,55 820
corus 1,34 1,35 1,31 1,33 5100
dsm 47,50 47,80 47,10 47,40 1400
fortis 26,05 26,25 25,80 26,00 8800
getronics 3,12 3,18 3,05 3,10 4400
hagemeyer 21,50 21,72 21,22 21,44 510
heineken 49,05 49,40 48,70 48,95 1600
ing groep 30,47 30,70 30,10 30,40 16400
kpn 5,80 5,90 5,70 5,78 21000
numico 29,80 30,15 29,50 29,90 2300
philips 33,90 34,20 33,45 33,80 14200
shell 60,60 61,05 60,30 60,55 11800
tpg 23,75 23,90 23,50 23,70 2600
unilever 65,20 65,60 64,85 65,10 4600
vnu 35,70 36,10 35,40 35,60 1300
wolt kluw 23,60 23,80 23,30 23,55 1800
abn a hold 21,41 21,55 21,32 21,48 17560
aegon 21,10 21,22 20,90 21,08 9040
ahold 27,65 27,85 27,40 27,60 6400
akzo nobel 52,50 52,90 52,10 52,60 2100
asml hold 21,75 21,98 21,30 21,60 12300
buhrmann 9,57 9,62 9,41 9,55 820
corus 1,34 1,35 1,31 1,33 5100
dsm 47,50 47,80 47,10 47,40 1400
fortis 26,05 26,25 25,80 26,00 8800
getronics 3,12 3,18 3,05 3,10 4400
hagemeyer 21,50 21,72 21,22 21,44 510
heineken 49,05 49,40 48,70 48,95 1600
ing groep 30,47 30,70 30,10 30,40 16400
kpn 5,80 5,90 5,70 5,78 21000
numico 29,80 30,15 29,50 29,90 2300
abn a hold 21,41 21,55 21,32 21,48 17560
aegon 21,10 21,22 20,90 21,08 9040
ahold 27,65 27,85 27,40 27,60 6400
akzo nobel 52,50 52,90 52,10 52,60 2100
asml hold 21,75 21,98 21,30 21,60 12300
buhrmann 9,57 9,62 9,41 9,55 820
corus 1,34 1,35 1,31 1,33 5100
dsm 47,50 47,80 47,10 47,40 1400
fortis 26,05 26,25 25,80 26,00 8800
getronics 3,12 3,18 3,05 3,10 4400
hagemeyer 21,50 21,72 21,22 21,44 510
heineken 49,05 49,40 48,70 48,95 1600
ing groep 30,47 30,70 30,10 30,40 16400
kpn 5,80 5,90 5,70 5,78 21000
numico 29,80 30,15 29,50 29,90 2300
philips 33,90 34,20 33,45 33,80 14200
shell 60,60 61,05 60,30 60,55 11800
tpg 23,75 23,90 23,50 23,70 2600
unilever 65,20 65,60 64,85 65,10 4600
vnu 35,70 36,10 35,40 35,60 1300
wolt kluw 23,60 23,80 23,30 23,55 1800
abn a hold 21,41 21,55 21,32 21,48 17560
aegon 21,10 21,22 20,90 21,08 9040
ahold 27,65 27,85 27,40 27,60 6400
akzo nobel 52,50 52,90 52,10 52,60 2100
asml hold 21,75 21,98 21,30 21,60 12300
buhrmann 9,57 9,62 9,41 9,55 820
corus 1,34 1,35 1,31 1,33 5100
dsm 47,50 47,80 47,10 47,40 1400
fortis 26,05 26,25 25,80 26,00 8800
getronics 3,12 3,18 3,05 3,10 4400
hagemeyer 21,50 21,72 21,22 21,44 510
heineken 49,05 49,40 48,70 48,95 1600
ing groep 30,47 30,70 30,10 30,40 16400
kpn 5,80 5,90 5,70 5,78 21000
numico 29,80 30,15 29,50 29,90 2300
philips 33,90 34,20 33,45 33,80 14200
shell 60,60 61,05 60,30 60,55 11800
tpg 23,75 23,90 23,50 23,70 2600
unilever 65,20 65,60 64,85 65,10 4600
vnu 35,70 36,10 35,40 35,60 1300
wolt kluw 23,60 23,80 23,30 23,55 1800
abn a hold 21,41 21,55 21,32 21,48 17560
aegon 21,10 21,22 20,90 21,08 9040
ahold 27,65 27,85 27,40 27,60 6400
akzo nobel 52,50 52,90 52,10 52,60 2100
asml hold 21,75 21,98 21,30 21,60 12300
buhrmann 9,57 9,62 9,41 9,55 820
corus 1,34 1,35 1,31 1,33 5100
dsm 47,50 47,80 47,10 47,40 1400
fortis 26,05 26,25 25,80 26,00 8800
getronics 3,12 3,18 3,05 3,10 4400
hagemeyer 21,50 21,72 21,22 21,44 510
heineken 49,05 49,40 48,70 48,95 1600
ing groep 30,47 30,70 30,10 30,40 16400
kpn 5,80 5,90 5,70 5,78 21000
numico 29,80 30,15 29,50 29,90 2300
RENTETARIEVEN
abn a hold 21,41 21,55 21,32 21,48 17560
aegon 21,10 21,22 20,90 21,08 9040
ahold 27,65 27,85 27,40 27,60 6400
akzo nobel 52,50 52,90 52,10 52,60 2100
asml hold 21,75 21,98 21,30 21,60 12300
buhrmann 9,57 9,62 9,41 9,55 820
corus 1,34 1,35 1,31 1,33 5100
dsm 47,50 47,80 47,10 47,40 1400
fortis 26,05 26,25 25,80 26,00 8800
getronics 3,12 3,18 3,05 3,10 4400
hagemeyer 21,50 21,72 21,22 21,44 510
Rente	8 april 5,08
abn a hold 21,41 21,55 21,32 21,48 17560
aegon 21,10 21,22 20,90 21,08 9040
ahold 27,65 27,85 27,40 27,60 6400
akzo nobel 52,50 52,90 52,10 52,60 2100
asml hold 21,75 21,98 21,30 21,60 12300
buhrmann 9,57 9,62 9,41 9,55 820
corus 1,34 1,35 1,31 1,33 5100
dsm 47,50 47,80 47,10 47,40 1400
fortis 26,05 26,25 25,80 26,00 8800
getronics 3,12 3,18 3,05 3,10 4400
hagemeyer 21,50 21,72 21,22 21,44 510
heineken 49,05 49,40 48,70 48,95 1600
ing groep 30,47 30,70 30,10 30,40 16400
kpn 5,80 5,90 5,70 5,78 21000
numico 29,80 30,15 29,50 29,90 2300
philips 33,90 34,20 33,45 33,80 14200
shell 60,60 61,05 60,30 60,55 11800
INDEXEN
AEX-INDEX 513,64 516,92
AMX-INDEX 488,17 490,33
dow jones 10271,64 10313,71
nasdaq 1770,03 1789,75
s&p 500 1122,73 1126,34
ftse 100 5210,80 5233,40
dax 5225,84 5251,55
cac 40 4558,31 4589,15
nikkei 11335,50 11364,07
hang seng 11029,02 10992,30
AEX-INDEX 513,64 516,92
AMX-INDEX 488,17 490,33
dow jones 10271,64 10313,71
nasdaq 1770,03 1789,75
s&p 500 1122,73 1126,34
ftse 100 5210,80 5233,40
dax 5225,84 5251,55
cac 40 4558,31 4589,15
nikkei 11335,50 11364,07
hang seng 11029,02 10992,30
AEX-INDEX 513,64 516,92
AMX-INDEX 488,17 490,33
dow jones 10271,64 10313,71
nasdaq 1770,03 1789,75
s&p 500 1122,73 1126,34
ftse 100 5210,80 5233,40
dax 5225,84 5251,55
cac 40 4558,31 4589,15
nikkei 11335,50 11364,07
hang seng 11029,02 10992,30
AEX-INDEX 513,64 516,92
AMX-INDEX 488,17 490,33
dow jones 10271,64 10313,71
nasdaq 1770,03 1789,75
s&p 500 1122,73 1126,34
ftse 100 5210,80 5233,40
dax 5225,84 5251,55
cac 40 4558,31 4589,15
nikkei 11335,50 11364,07
hang seng 11029,02 10992,30
AEX-INDEX 513,64 516,92
AMX-INDEX 488,17 490,33
dow jones 10271,64 10313,71
nasdaq 1770,03 1789,75
s&p 500 1122,73 1126,34
ftse 100 5210,80 5233,40
dax 5225,84 5251,55
cac 40 4558,31 4589,15
nikkei 11335,50 11364,07
hang seng 11029,02 10992,30
